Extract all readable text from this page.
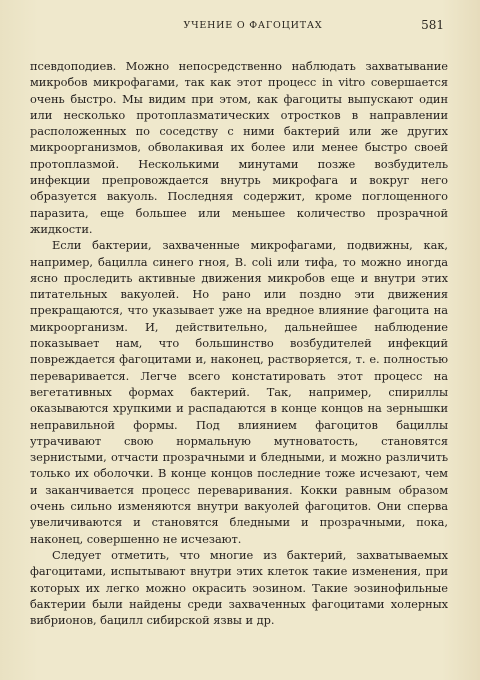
УЧЕНИЕ О ФАГОЦИТАХ	581

псевдоподиев. Можно непосредственно наблюдать захватывание микробов микрофагами, так как этот процесс in vitro совершается очень быстро. Мы видим при этом, как фагоциты выпускают один или несколько протоплазматических отростков в направлении расположенных по соседству с ними бактерий или же других микроорганизмов, обволакивая их более или менее быстро своей протоплазмой. Несколькими минутами позже возбудитель инфекции препровождается внутрь микрофага и вокруг него образуется вакуоль. Последняя содержит, кроме поглощенного паразита, еще большее или меньшее количество прозрачной жидкости.

Если бактерии, захваченные микрофагами, подвижны, как, например, бацилла синего гноя, B. coli или тифа, то можно иногда ясно проследить активные движения микробов еще и внутри этих питательных вакуолей. Но рано или поздно эти движения прекращаются, что указывает уже на вредное влияние фагоцита на микроорганизм. И, действительно, дальнейшее наблюдение показывает нам, что большинство возбудителей инфекций повреждается фагоцитами и, наконец, растворяется, т. е. полностью переваривается. Легче всего констатировать этот процесс на вегетативных формах бактерий. Так, например, спириллы оказываются хрупкими и распадаются в конце концов на зернышки неправильной формы. Под влиянием фагоцитов бациллы утрачивают свою нормальную мутноватость, становятся зернистыми, отчасти прозрачными и бледными, и можно различить только их оболочки. В конце концов последние тоже исчезают, чем и заканчивается процесс переваривания. Кокки равным образом очень сильно изменяются внутри вакуолей фагоцитов. Они сперва увеличиваются и становятся бледными и прозрачными, пока, наконец, совершенно не исчезают.

Следует отметить, что многие из бактерий, захватываемых фагоцитами, испытывают внутри этих клеток такие изменения, при которых их легко можно окрасить эозином. Такие эозинофильные бактерии были найдены среди захваченных фагоцитами холерных вибрионов, бацилл сибирской язвы и др.
